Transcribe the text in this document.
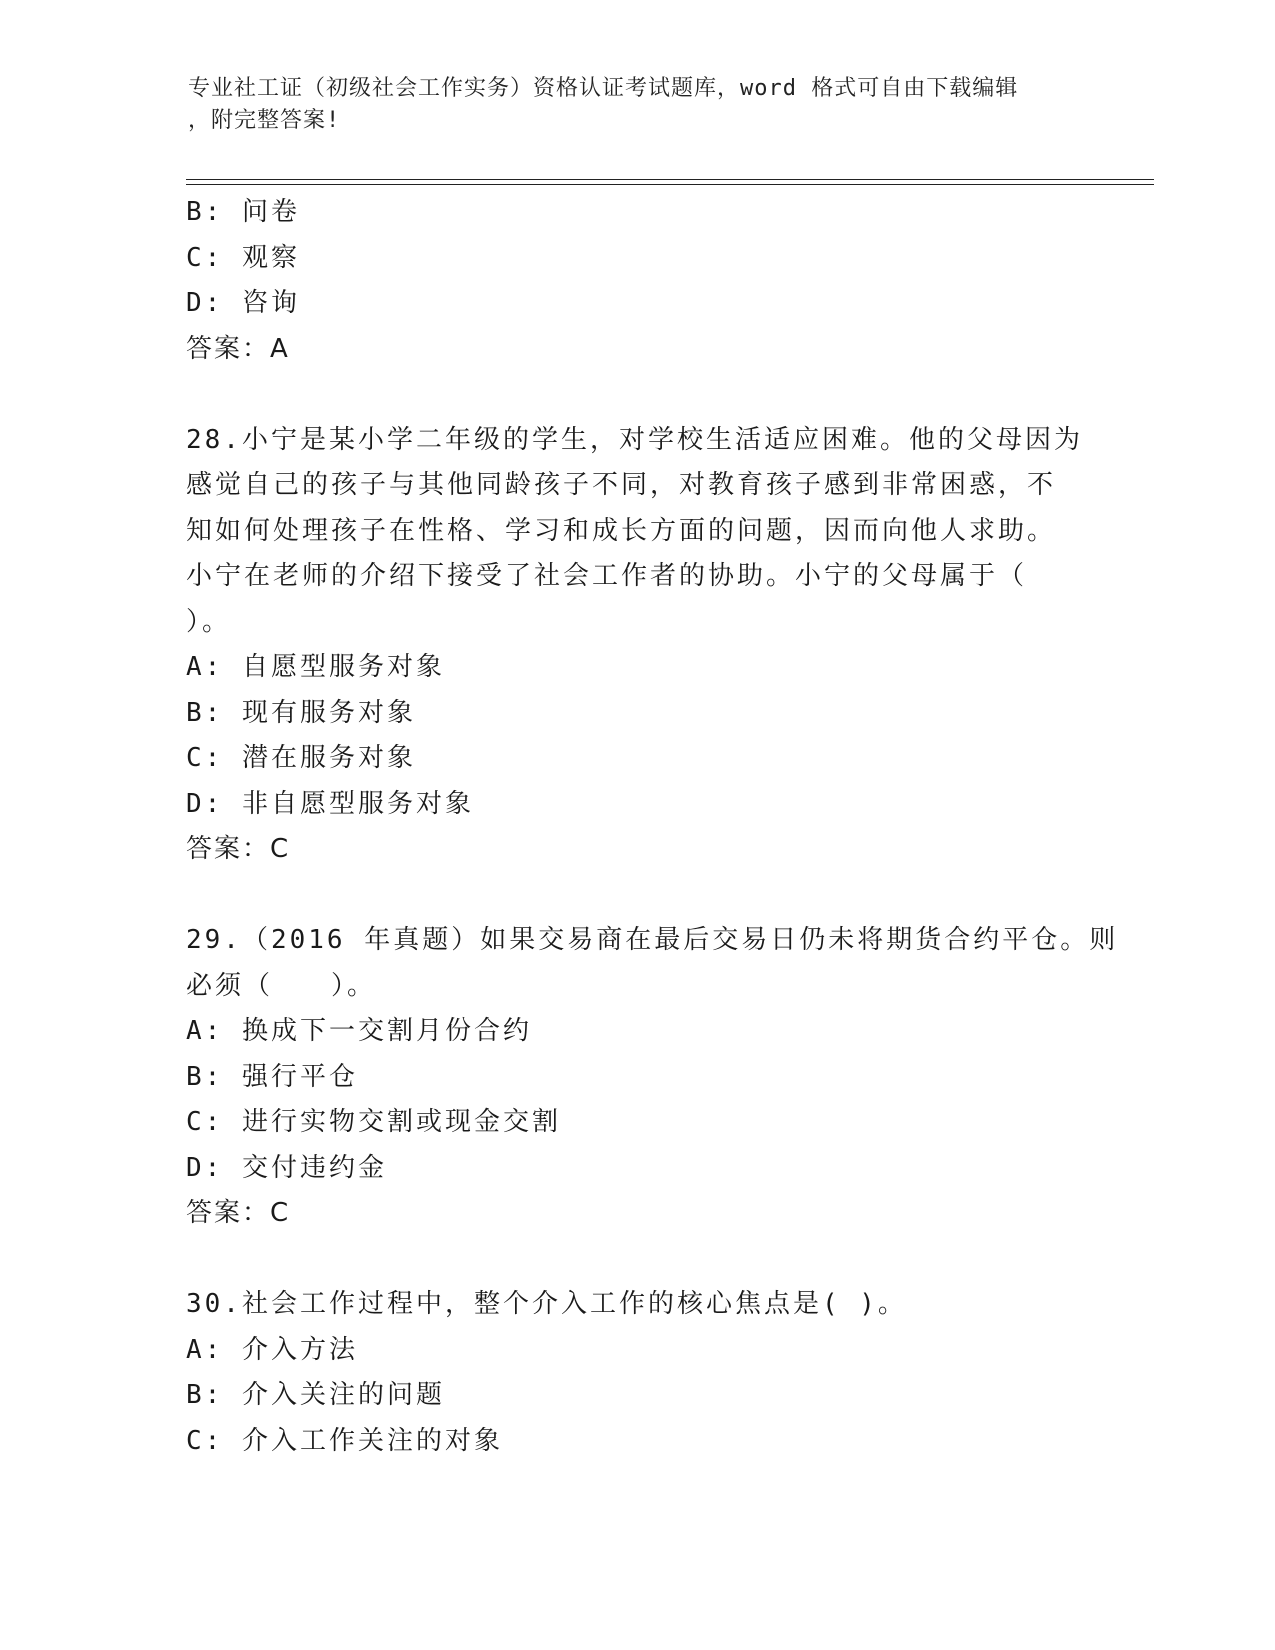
专业社工证（初级社会工作实务）资格认证考试题库，word 格式可自由下载编辑
，附完整答案!
B: 问卷
C: 观察
D: 咨询
答案：A
28.小宁是某小学二年级的学生，对学校生活适应困难。他的父母因为
感觉自己的孩子与其他同龄孩子不同，对教育孩子感到非常困惑，不
知如何处理孩子在性格、学习和成长方面的问题，因而向他人求助。
小宁在老师的介绍下接受了社会工作者的协助。小宁的父母属于（
）。
A: 自愿型服务对象
B: 现有服务对象
C: 潜在服务对象
D: 非自愿型服务对象
答案：C
29.（2016 年真题）如果交易商在最后交易日仍未将期货合约平仓。则
必须（　　）。
A: 换成下一交割月份合约
B: 强行平仓
C: 进行实物交割或现金交割
D: 交付违约金
答案：C
30.社会工作过程中，整个介入工作的核心焦点是( )。
A: 介入方法
B: 介入关注的问题
C: 介入工作关注的对象
